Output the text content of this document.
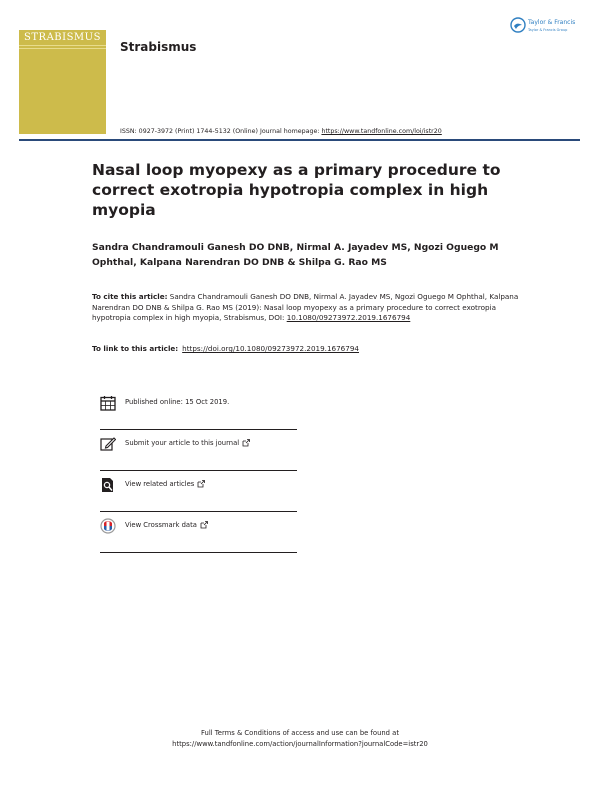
STRABISMUS
Strabismus
Taylor & Francis
Taylor & Francis Group
ISSN: 0927-3972 (Print) 1744-5132 (Online) Journal homepage: https://www.tandfonline.com/loi/istr20
Nasal loop myopexy as a primary procedure to correct exotropia hypotropia complex in high myopia
Sandra Chandramouli Ganesh DO DNB, Nirmal A. Jayadev MS, Ngozi Oguego M Ophthal, Kalpana Narendran DO DNB & Shilpa G. Rao MS
To cite this article: Sandra Chandramouli Ganesh DO DNB, Nirmal A. Jayadev MS, Ngozi Oguego M Ophthal, Kalpana Narendran DO DNB & Shilpa G. Rao MS (2019): Nasal loop myopexy as a primary procedure to correct exotropia hypotropia complex in high myopia, Strabismus, DOI: 10.1080/09273972.2019.1676794
To link to this article: https://doi.org/10.1080/09273972.2019.1676794
Published online: 15 Oct 2019.
Submit your article to this journal
View related articles
View Crossmark data
Full Terms & Conditions of access and use can be found at
https://www.tandfonline.com/action/journalInformation?journalCode=istr20
